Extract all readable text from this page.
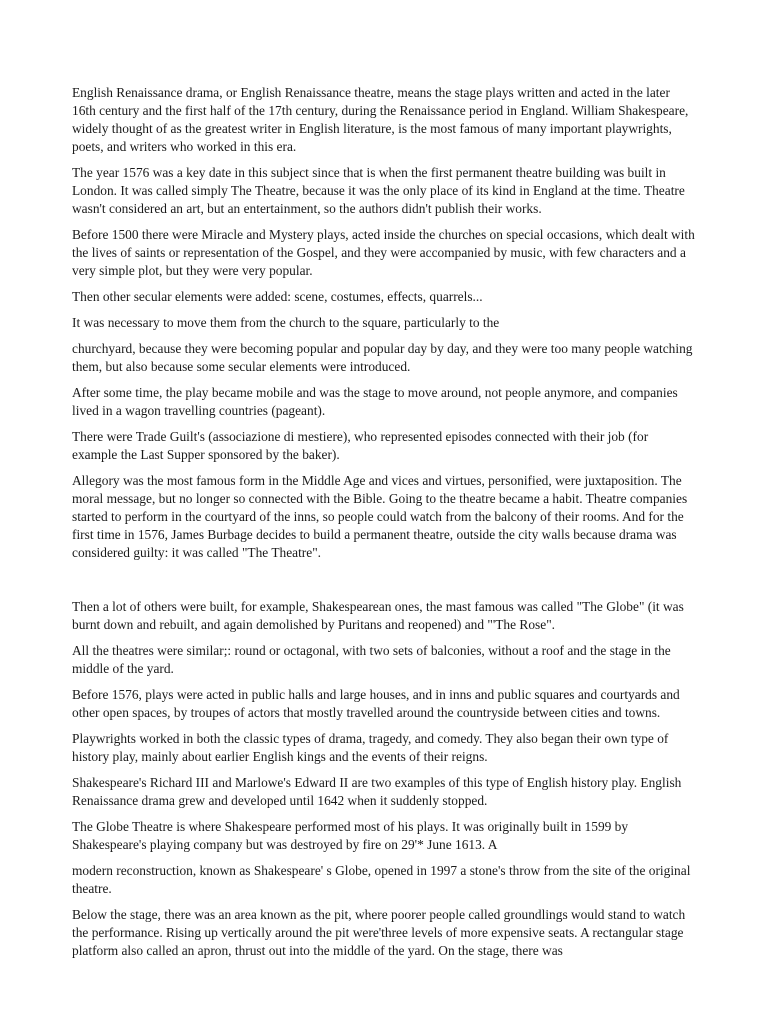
English Renaissance drama, or English Renaissance theatre, means the stage plays written and acted in the later 16th century and the first half of the 17th century, during the Renaissance period in England. William Shakespeare, widely thought of as the greatest writer in English literature, is the most famous of many important playwrights, poets, and writers who worked in this era.

The year 1576 was a key date in this subject since that is when the first permanent theatre building was built in London. It was called simply The Theatre, because it was the only place of its kind in England at the time. Theatre wasn't considered an art, but an entertainment, so the authors didn't publish their works.

Before 1500 there were Miracle and Mystery plays, acted inside the churches on special occasions, which dealt with the lives of saints or representation of the Gospel, and they were accompanied by music, with few characters and a very simple plot, but they were very popular.

Then other secular elements were added: scene, costumes, effects, quarrels...

It was necessary to move them from the church to the square, particularly to the

churchyard, because they were becoming popular and popular day by day, and they were too many people watching them, but also because some secular elements were introduced.

After some time, the play became mobile and was the stage to move around, not people anymore, and companies lived in a wagon travelling countries (pageant).

There were Trade Guilt's (associazione di mestiere), who represented episodes connected with their job (for example the Last Supper sponsored by the baker).

Allegory was the most famous form in the Middle Age and vices and virtues, personified, were juxtaposition. The moral message, but no longer so connected with the Bible. Going to the theatre became a habit. Theatre companies started to perform in the courtyard of the inns, so people could watch from the balcony of their rooms. And for the first time in 1576, James Burbage decides to build a permanent theatre, outside the city walls because drama was considered guilty: it was called "The Theatre".

Then a lot of others were built, for example, Shakespearean ones, the mast famous was called "The Globe" (it was burnt down and rebuilt, and again demolished by Puritans and reopened) and "'The Rose".

All the theatres were similar;: round or octagonal, with two sets of balconies, without a roof and the stage in the middle of the yard.

Before 1576, plays were acted in public halls and large houses, and in inns and public squares and courtyards and other open spaces, by troupes of actors that mostly travelled around the countryside between cities and towns.

Playwrights worked in both the classic types of drama, tragedy, and comedy. They also began their own type of history play, mainly about earlier English kings and the events of their reigns.

Shakespeare's Richard III and Marlowe's Edward II are two examples of this type of English history play. English Renaissance drama grew and developed until 1642 when it suddenly stopped.

The Globe Theatre is where Shakespeare performed most of his plays. It was originally built in 1599 by Shakespeare's playing company but was destroyed by fire on 29'* June 1613. A

modern reconstruction, known as Shakespeare' s Globe, opened in 1997 a stone's throw from the site of the original theatre.

Below the stage, there was an area known as the pit, where poorer people called groundlings would stand to watch the performance. Rising up vertically around the pit were'three levels of more expensive seats. A rectangular stage platform also called an apron, thrust out into the middle of the yard. On the stage, there was
